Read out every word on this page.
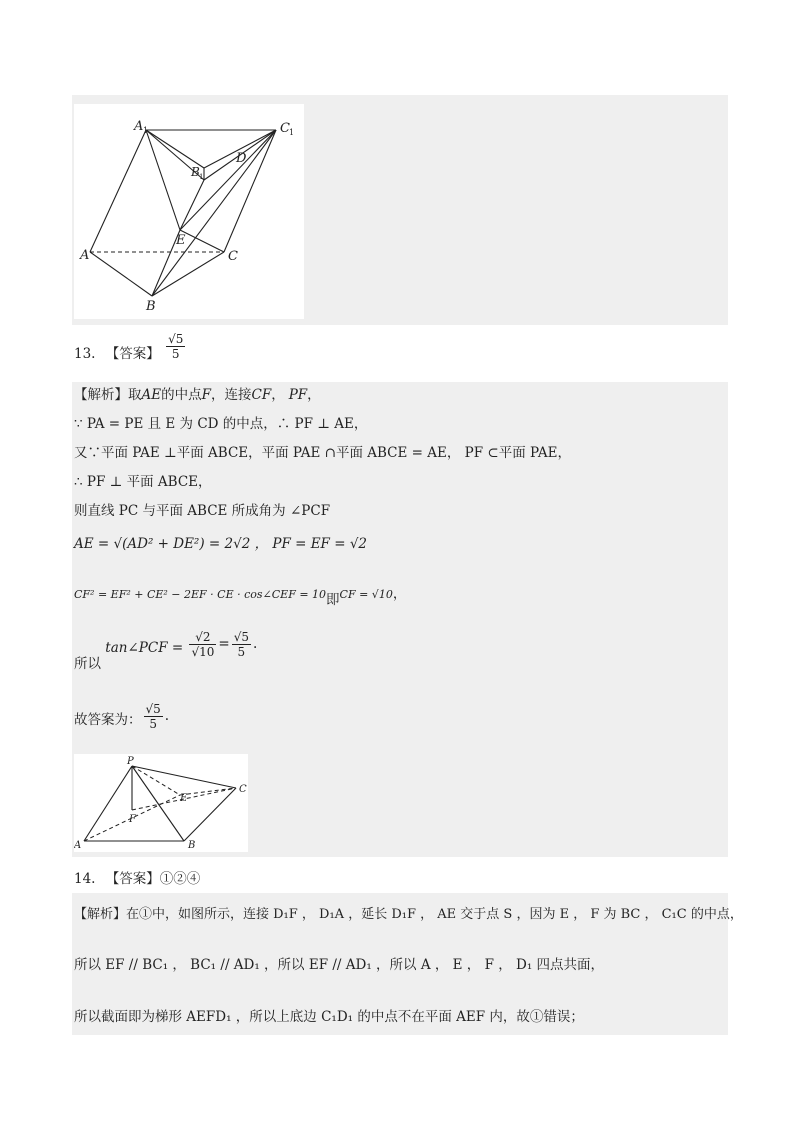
A 1	C 1
D
B 1
E
A	C
B
13. 【答案】 $\frac{√5}{5}$
【解析】取AE的中点F，连接CF， PF，
∵ PA = PE 且 E 为 CD 的中点，∴ PF ⊥ AE，
又∵平面 PAE ⊥平面 ABCE，平面 PAE ∩平面 ABCE = AE， PF ⊂平面 PAE，
∴ PF ⊥ 平面 ABCE，
则直线 PC 与平面 ABCE 所成角为 ∠PCF
AE = √(AD² + DE²) = 2√2 ， PF = EF = √2
CF² = EF² + CE² − 2EF · CE · cos∠CEF = 10即CF = √10，
所以 tan∠PCF = $\frac{√2}{√10} = \frac{√5}{5}$ .
故答案为： $\frac{√5}{5}$ .
P
E
C
F
A	B
14. 【答案】①②④
【解析】在①中，如图所示，连接 D₁F ， D₁A ，延长 D₁F ， AE 交于点 S ，因为 E ， F 为 BC ， C₁C 的中点，
所以 EF // BC₁ ， BC₁ // AD₁ ，所以 EF // AD₁ ，所以 A ， E ， F ， D₁ 四点共面，
所以截面即为梯形 AEFD₁ ，所以上底边 C₁D₁ 的中点不在平面 AEF 内，故①错误；
